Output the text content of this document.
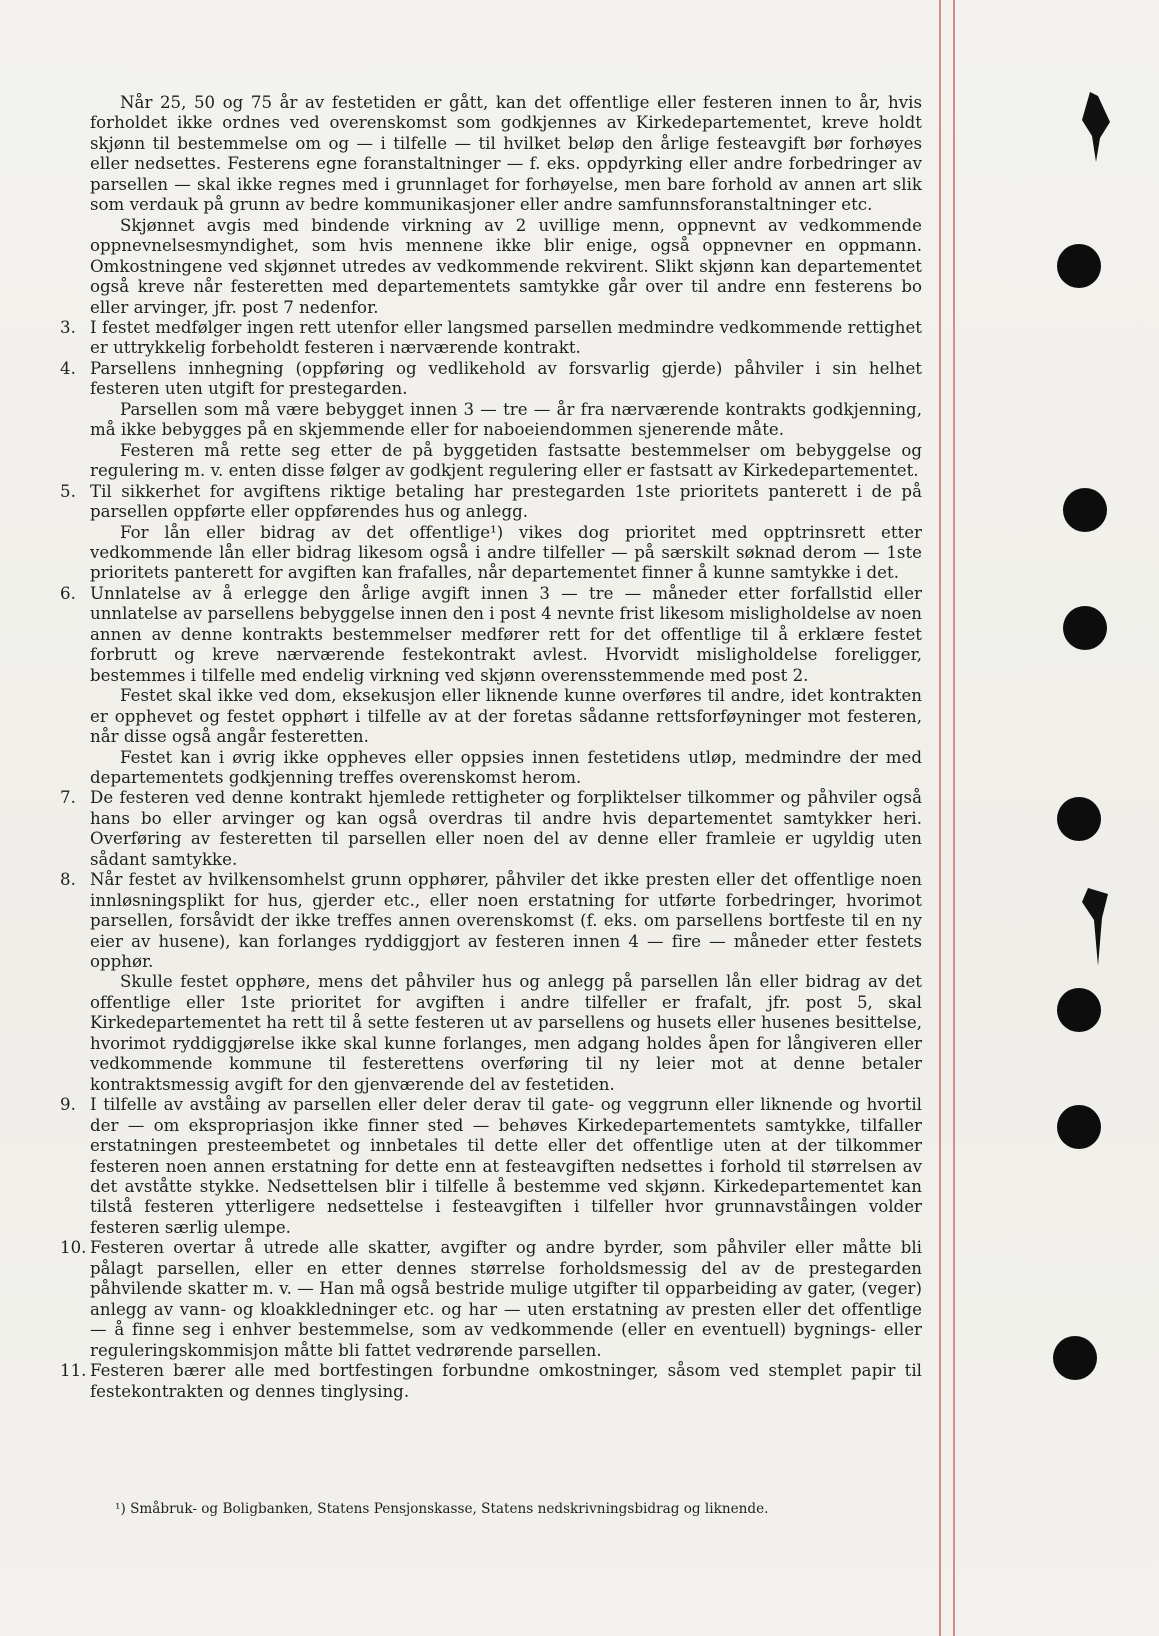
Når 25, 50 og 75 år av festetiden er gått, kan det offentlige eller festeren innen to år, hvis forholdet ikke ordnes ved overenskomst som godkjennes av Kirkedepartementet, kreve holdt skjønn til bestemmelse om og — i tilfelle — til hvilket beløp den årlige festeavgift bør forhøyes eller nedsettes. Festerens egne foranstaltninger — f. eks. oppdyrking eller andre forbedringer av parsellen — skal ikke regnes med i grunnlaget for forhøyelse, men bare forhold av annen art slik som verdauk på grunn av bedre kommunikasjoner eller andre samfunnsforanstaltninger etc.

Skjønnet avgis med bindende virkning av 2 uvillige menn, oppnevnt av vedkommende oppnevnelsesmyndighet, som hvis mennene ikke blir enige, også oppnevner en oppmann. Omkostningene ved skjønnet utredes av vedkommende rekvirent. Slikt skjønn kan departementet også kreve når festeretten med departementets samtykke går over til andre enn festerens bo eller arvinger, jfr. post 7 nedenfor.

3. I festet medfølger ingen rett utenfor eller langsmed parsellen medmindre vedkommende rettighet er uttrykkelig forbeholdt festeren i nærværende kontrakt.

4. Parsellens innhegning (oppføring og vedlikehold av forsvarlig gjerde) påhviler i sin helhet festeren uten utgift for prestegarden.

Parsellen som må være bebygget innen 3 — tre — år fra nærværende kontrakts godkjenning, må ikke bebygges på en skjemmende eller for naboeiendommen sjenerende måte.

Festeren må rette seg etter de på byggetiden fastsatte bestemmelser om bebyggelse og regulering m. v. enten disse følger av godkjent regulering eller er fastsatt av Kirkedepartementet.

5. Til sikkerhet for avgiftens riktige betaling har prestegarden 1ste prioritets panterett i de på parsellen oppførte eller oppførendes hus og anlegg.

For lån eller bidrag av det offentlige¹) vikes dog prioritet med opptrinsrett etter vedkommende lån eller bidrag likesom også i andre tilfeller — på særskilt søknad derom — 1ste prioritets panterett for avgiften kan frafalles, når departementet finner å kunne samtykke i det.

6. Unnlatelse av å erlegge den årlige avgift innen 3 — tre — måneder etter forfallstid eller unnlatelse av parsellens bebyggelse innen den i post 4 nevnte frist likesom misligholdelse av noen annen av denne kontrakts bestemmelser medfører rett for det offentlige til å erklære festet forbrutt og kreve nærværende festekontrakt avlest. Hvorvidt misligholdelse foreligger, bestemmes i tilfelle med endelig virkning ved skjønn overensstemmende med post 2.

Festet skal ikke ved dom, eksekusjon eller liknende kunne overføres til andre, idet kontrakten er opphevet og festet opphørt i tilfelle av at der foretas sådanne rettsforføyninger mot festeren, når disse også angår festeretten.

Festet kan i øvrig ikke oppheves eller oppsies innen festetidens utløp, medmindre der med departementets godkjenning treffes overenskomst herom.

7. De festeren ved denne kontrakt hjemlede rettigheter og forpliktelser tilkommer og påhviler også hans bo eller arvinger og kan også overdras til andre hvis departementet samtykker heri. Overføring av festeretten til parsellen eller noen del av denne eller framleie er ugyldig uten sådant samtykke.

8. Når festet av hvilkensomhelst grunn opphører, påhviler det ikke presten eller det offentlige noen innløsningsplikt for hus, gjerder etc., eller noen erstatning for utførte forbedringer, hvorimot parsellen, forsåvidt der ikke treffes annen overenskomst (f. eks. om parsellens bortfeste til en ny eier av husene), kan forlanges ryddiggjort av festeren innen 4 — fire — måneder etter festets opphør.

Skulle festet opphøre, mens det påhviler hus og anlegg på parsellen lån eller bidrag av det offentlige eller 1ste prioritet for avgiften i andre tilfeller er frafalt, jfr. post 5, skal Kirkedepartementet ha rett til å sette festeren ut av parsellens og husets eller husenes besittelse, hvorimot ryddiggjørelse ikke skal kunne forlanges, men adgang holdes åpen for långiveren eller vedkommende kommune til festerettens overføring til ny leier mot at denne betaler kontraktsmessig avgift for den gjenværende del av festetiden.

9. I tilfelle av avståing av parsellen eller deler derav til gate- og veggrunn eller liknende og hvortil der — om ekspropriasjon ikke finner sted — behøves Kirkedepartementets samtykke, tilfaller erstatningen presteembetet og innbetales til dette eller det offentlige uten at der tilkommer festeren noen annen erstatning for dette enn at festeavgiften nedsettes i forhold til størrelsen av det avståtte stykke. Nedsettelsen blir i tilfelle å bestemme ved skjønn. Kirkedepartementet kan tilstå festeren ytterligere nedsettelse i festeavgiften i tilfeller hvor grunnavståingen volder festeren særlig ulempe.

10. Festeren overtar å utrede alle skatter, avgifter og andre byrder, som påhviler eller måtte bli pålagt parsellen, eller en etter dennes størrelse forholdsmessig del av de prestegarden påhvilende skatter m. v. — Han må også bestride mulige utgifter til opparbeiding av gater, (veger) anlegg av vann- og kloakkledninger etc. og har — uten erstatning av presten eller det offentlige — å finne seg i enhver bestemmelse, som av vedkommende (eller en eventuell) bygnings- eller reguleringskommisjon måtte bli fattet vedrørende parsellen.

11. Festeren bærer alle med bortfestingen forbundne omkostninger, såsom ved stemplet papir til festekontrakten og dennes tinglysing.

¹) Småbruk- og Boligbanken, Statens Pensjonskasse, Statens nedskrivningsbidrag og liknende.
